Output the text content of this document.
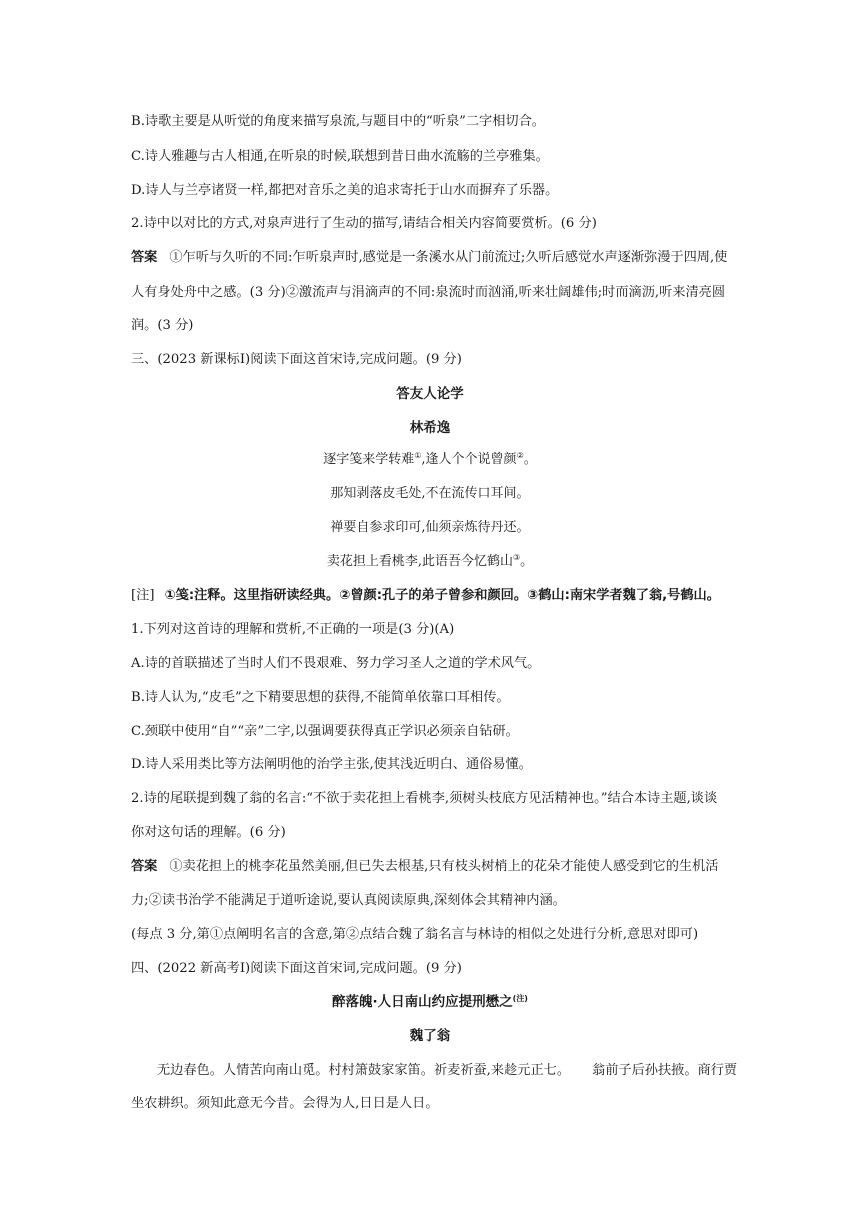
B.诗歌主要是从听觉的角度来描写泉流,与题目中的“听泉”二字相切合。
C.诗人雅趣与古人相通,在听泉的时候,联想到昔日曲水流觞的兰亭雅集。
D.诗人与兰亭诸贤一样,都把对音乐之美的追求寄托于山水而摒弃了乐器。
2.诗中以对比的方式,对泉声进行了生动的描写,请结合相关内容简要赏析。(6 分)
答案 ①乍听与久听的不同:乍听泉声时,感觉是一条溪水从门前流过;久听后感觉水声逐渐弥漫于四周,使
人有身处舟中之感。(3 分)②激流声与涓滴声的不同:泉流时而汹涌,听来壮阔雄伟;时而滴沥,听来清亮圆
润。(3 分)
三、(2023 新课标Ⅰ)阅读下面这首宋诗,完成问题。(9 分)
答友人论学
林希逸
逐字笺来学转难①,逢人个个说曾颜②。
那知剥落皮毛处,不在流传口耳间。
禅要自参求印可,仙须亲炼待丹还。
卖花担上看桃李,此语吾今忆鹤山③。
[注] ①笺:注释。这里指研读经典。②曾颜:孔子的弟子曾参和颜回。③鹤山:南宋学者魏了翁,号鹤山。
1.下列对这首诗的理解和赏析,不正确的一项是(3 分)(A)
A.诗的首联描述了当时人们不畏艰难、努力学习圣人之道的学术风气。
B.诗人认为,“皮毛”之下精要思想的获得,不能简单依靠口耳相传。
C.颈联中使用“自”“亲”二字,以强调要获得真正学识必须亲自钻研。
D.诗人采用类比等方法阐明他的治学主张,使其浅近明白、通俗易懂。
2.诗的尾联提到魏了翁的名言:“不欲于卖花担上看桃李,须树头枝底方见活精神也。”结合本诗主题,谈谈
你对这句话的理解。(6 分)
答案 ①卖花担上的桃李花虽然美丽,但已失去根基,只有枝头树梢上的花朵才能使人感受到它的生机活
力;②读书治学不能满足于道听途说,要认真阅读原典,深刻体会其精神内涵。
(每点 3 分,第①点阐明名言的含意,第②点结合魏了翁名言与林诗的相似之处进行分析,意思对即可)
四、(2022 新高考Ⅰ)阅读下面这首宋词,完成问题。(9 分)
醉落魄·人日南山约应提刑懋之$^{(注)}$
魏了翁
无边春色。人情苦向南山觅。村村箫鼓家家笛。祈麦祈蚕,来趁元正七。 翁前子后孙扶掖。商行贾
坐农耕织。须知此意无今昔。会得为人,日日是人日。
